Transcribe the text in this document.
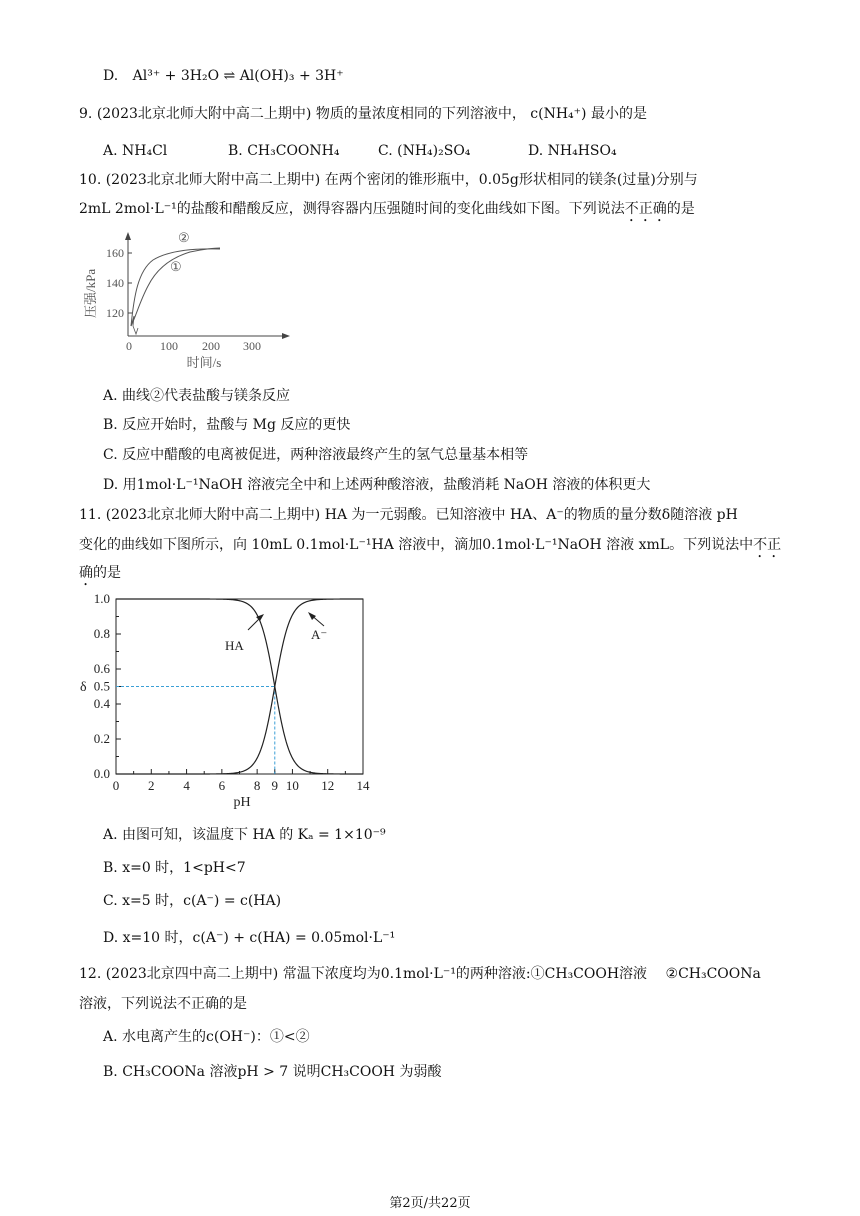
D. Al³⁺ + 3H₂O ⇌ Al(OH)₃ + 3H⁺
9. (2023北京北师大附中高二上期中) 物质的量浓度相同的下列溶液中， c(NH₄⁺) 最小的是
A. NH₄Cl	B. CH₃COONH₄	C. (NH₄)₂SO₄	D. NH₄HSO₄
10. (2023北京北师大附中高二上期中) 在两个密闭的锥形瓶中，0.05g形状相同的镁条(过量)分别与
2mL 2mol·L⁻¹的盐酸和醋酸反应，测得容器内压强随时间的变化曲线如下图。下列说法不正确的是
160
140
120
0 100 200 300
时间/s
压强/kPa
②
①
A. 曲线②代表盐酸与镁条反应
B. 反应开始时，盐酸与 Mg 反应的更快
C. 反应中醋酸的电离被促进，两种溶液最终产生的氢气总量基本相等
D. 用1mol·L⁻¹NaOH 溶液完全中和上述两种酸溶液，盐酸消耗 NaOH 溶液的体积更大
11. (2023北京北师大附中高二上期中) HA 为一元弱酸。已知溶液中 HA、A⁻的物质的量分数δ随溶液 pH
变化的曲线如下图所示，向 10mL 0.1mol·L⁻¹HA 溶液中，滴加0.1mol·L⁻¹NaOH 溶液 xmL。下列说法中不正
确的是
0.0
0.2
0.4
0.5
0.6
0.8
1.0
0 2 4 6 8 9 10 12 14
δ
pH
HA
A⁻
A. 由图可知，该温度下 HA 的 Kₐ = 1×10⁻⁹
B. x=0 时，1<pH<7
C. x=5 时，c(A⁻) = c(HA)
D. x=10 时，c(A⁻) + c(HA) = 0.05mol·L⁻¹
12. (2023北京四中高二上期中) 常温下浓度均为0.1mol·L⁻¹的两种溶液:①CH₃COOH溶液 ②CH₃COONa
溶液，下列说法不正确的是
A. 水电离产生的c(OH⁻)：①<②
B. CH₃COONa 溶液pH > 7 说明CH₃COOH 为弱酸
第2页/共22页
